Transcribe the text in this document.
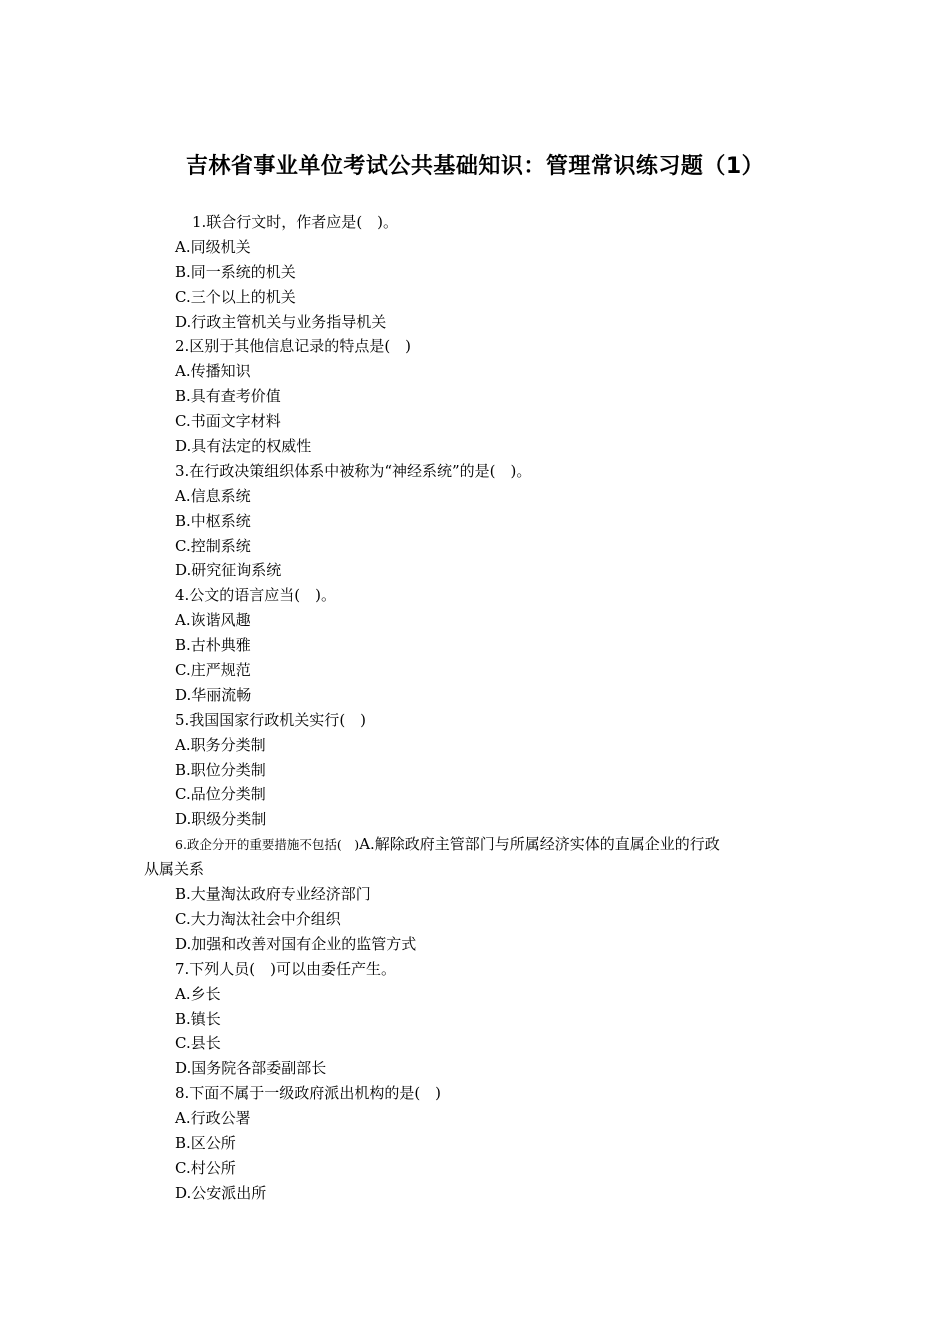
吉林省事业单位考试公共基础知识：管理常识练习题（1）
1.联合行文时，作者应是(　)。
A.同级机关
B.同一系统的机关
C.三个以上的机关
D.行政主管机关与业务指导机关
2.区别于其他信息记录的特点是(　)
A.传播知识
B.具有查考价值
C.书面文字材料
D.具有法定的权威性
3.在行政决策组织体系中被称为“神经系统”的是(　)。
A.信息系统
B.中枢系统
C.控制系统
D.研究征询系统
4.公文的语言应当(　)。
A.诙谐风趣
B.古朴典雅
C.庄严规范
D.华丽流畅
5.我国国家行政机关实行(　)
A.职务分类制
B.职位分类制
C.品位分类制
D.职级分类制
6.政企分开的重要措施不包括(　)A.解除政府主管部门与所属经济实体的直属企业的行政
从属关系
B.大量淘汰政府专业经济部门
C.大力淘汰社会中介组织
D.加强和改善对国有企业的监管方式
7.下列人员(　)可以由委任产生。
A.乡长
B.镇长
C.县长
D.国务院各部委副部长
8.下面不属于一级政府派出机构的是(　)
A.行政公署
B.区公所
C.村公所
D.公安派出所
